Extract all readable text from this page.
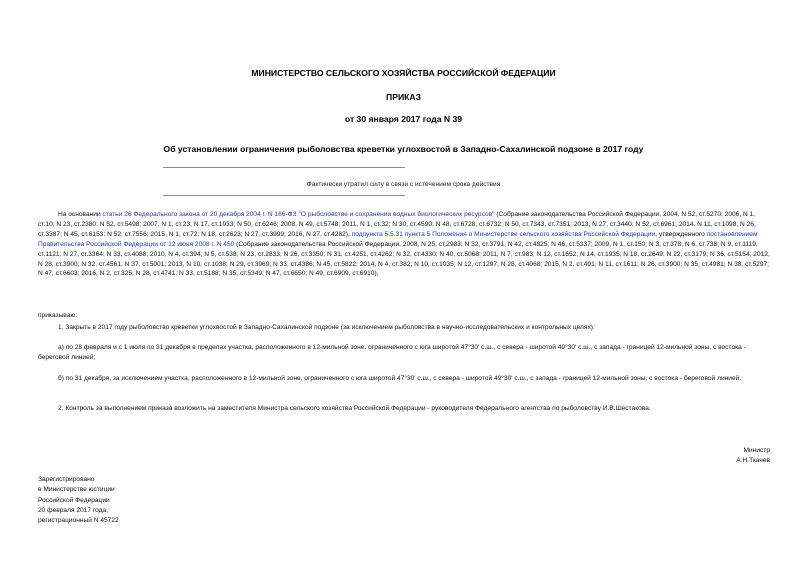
МИНИСТЕРСТВО СЕЛЬСКОГО ХОЗЯЙСТВА РОССИЙСКОЙ ФЕДЕРАЦИИ
ПРИКАЗ
от 30 января 2017 года N 39
Об установлении ограничения рыболовства креветки углохвостой в Западно-Сахалинской подзоне в 2017 году
Фактически утратил силу в связи с истечением срока действия
На основании статьи 26 Федерального закона от 20 декабря 2004 г. N 166-ФЗ "О рыболовстве и сохранении водных биологических ресурсов" (Собрание законодательства Российской Федерации, 2004, N 52, ст.5270; 2006, N 1, ст.10; N 23, ст.2380; N 52, ст.5498; 2007, N 1, ст.23; N 17, ст.1933; N 50, ст.6246; 2008, N 49, ст.5748; 2011, N 1, ст.32; N 30, ст.4590; N 48, ст.6728, ст.6732; N 50, ст.7343, ст.7351; 2013, N 27, ст.3440; N 52, ст.6961; 2014, N 11, ст.1098; N 26, ст.3387; N 45, ст.6153; N 52, ст.7556; 2015, N 1, ст.72; N 18, ст.2623; N 27, ст.3999; 2016, N 27, ст.4282), подпункта 5.5.31 пункта 5 Положения о Министерстве сельского хозяйства Российской Федерации, утвержденного постановлением Правительства Российской Федерации от 12 июня 2008 г. N 450 (Собрание законодательства Российской Федерации, 2008, N 25, ст.2983; N 32, ст.3791; N 42, ст.4825; N 46, ст.5337; 2009, N 1, ст.150; N 3, ст.378; N 6, ст.738; N 9, ст.1119, ст.1121; N 27, ст.3364; N 33, ст.4088; 2010, N 4, ст.394; N 5, ст.538; N 23, ст.2833; N 26, ст.3350; N 31, ст.4251, ст.4262; N 32, ст.4330; N 40, ст.5068; 2011, N 7, ст.983; N 12, ст.1652; N 14, ст.1935; N 18, ст.2649; N 22, ст.3179; N 36, ст.5154; 2012, N 28, ст.3900; N 32, ст.4561; N 37, ст.5001; 2013, N 10, ст.1038; N 29, ст.3969; N 33, ст.4386; N 45, ст.5822; 2014, N 4, ст.382; N 10, ст.1035; N 12, ст.1297; N 28, ст.4068; 2015, N 2, ст.491; N 11, ст.1611; N 26, ст.3900; N 35, ст.4981; N 38, ст.5297; N 47, ст.6603; 2016, N 2, ст.325; N 28, ст.4741; N 33, ст.5188; N 35, ст.5349; N 47, ст.6650; N 49, ст.6909, ст.6910),
приказываю:
1. Закрыть в 2017 году рыболовство креветки углохвостой в Западно-Сахалинской подзоне (за исключением рыболовства в научно-исследовательских и контрольных целях):
а) по 28 февраля и с 1 июля по 31 декабря в пределах участка, расположенного в 12-мильной зоне, ограниченного с юга широтой 47°30' с.ш., с севера - широтой 49°30' с.ш., с запада - границей 12-мильной зоны, с востока - береговой линией;
б) по 31 декабря, за исключением участка, расположенного в 12-мильной зоне, ограниченного с юга широтой 47°30' с.ш., с севера - широтой 49°30' с.ш., с запада - границей 12-мильной зоны, с востока - береговой линией.
2. Контроль за выполнением приказа возложить на заместителя Министра сельского хозяйства Российской Федерации - руководителя Федерального агентства по рыболовству И.В.Шестакова.
Министр
А.Н.Ткачев
Зарегистрировано
в Министерстве юстиции
Российской Федерации
20 февраля 2017 года,
регистрационный N 45722
